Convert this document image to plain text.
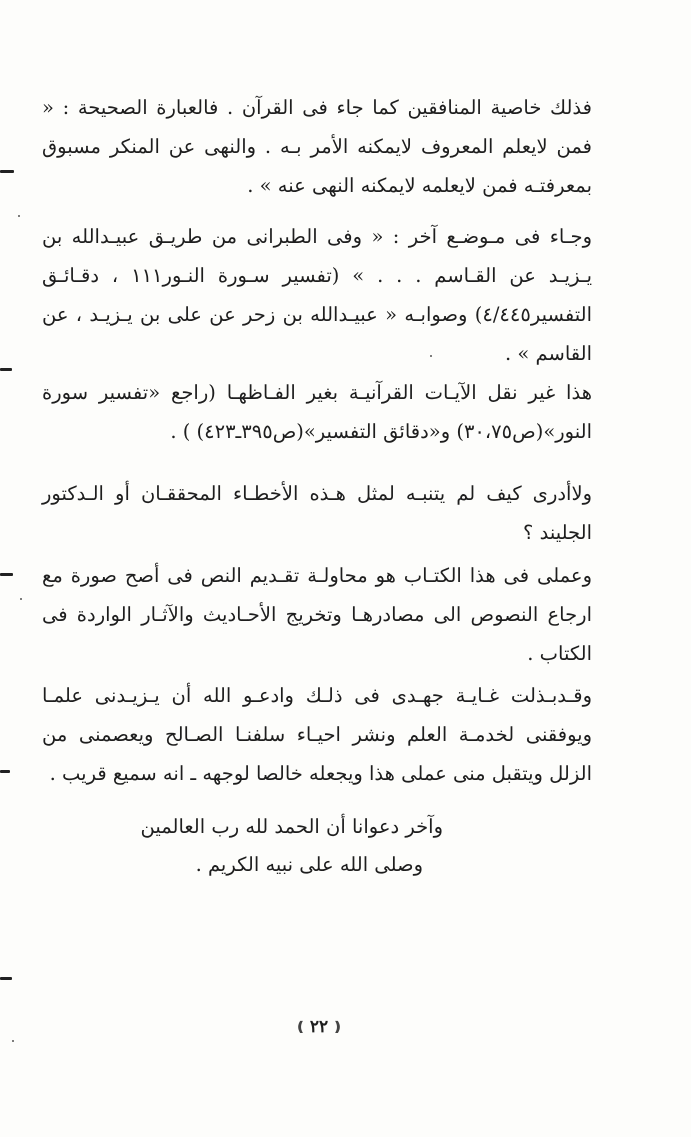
فذلك خاصية المنافقين كما جاء فى القرآن . فالعبارة الصحيحة : « فمن لايعلم المعروف لايمكنه الأمر بـه . والنهى عن المنكر مسبوق بمعرفتـه فمن لايعلمه لايمكنه النهى عنه » .

وجـاء فى مـوضـع آخر : « وفى الطبرانى من طريـق عبيـدالله بن يـزيـد عن القـاسم . . . » (تفسير سـورة النـور١١١ ، دقـائـق التفسير٤/٤٤٥) وصوابـه « عبيـدالله بن زحر عن على بن يـزيـد ، عن القاسم » .

هذا غير نقل الآيـات القرآنيـة بغير الفـاظهـا (راجع «تفسير سورة النور»(ص٣٠،٧٥) و«دقائق التفسير»(ص٣٩٥ـ٤٢٣) ) .

ولاأدرى كيف لم يتنبـه لمثل هـذه الأخطـاء المحققـان أو الـدكتور الجليند ؟

وعملى فى هذا الكتـاب هو محاولـة تقـديم النص فى أصح صورة مع ارجاع النصوص الى مصادرهـا وتخريج الأحـاديث والآثـار الواردة فى الكتاب .

وقـدبـذلت غـايـة جهـدى فى ذلـك وادعـو الله أن يـزيـدنى علمـا ويوفقنى لخدمـة العلم ونشر احيـاء سلفنـا الصـالح ويعصمنى من الزلل ويتقبل منى عملى هذا ويجعله خالصا لوجهه ـ انه سميع قريب .

وآخر دعوانا أن الحمد لله رب العالمين

وصلى الله على نبيه الكريم .

❪ ٢٢ ❫
